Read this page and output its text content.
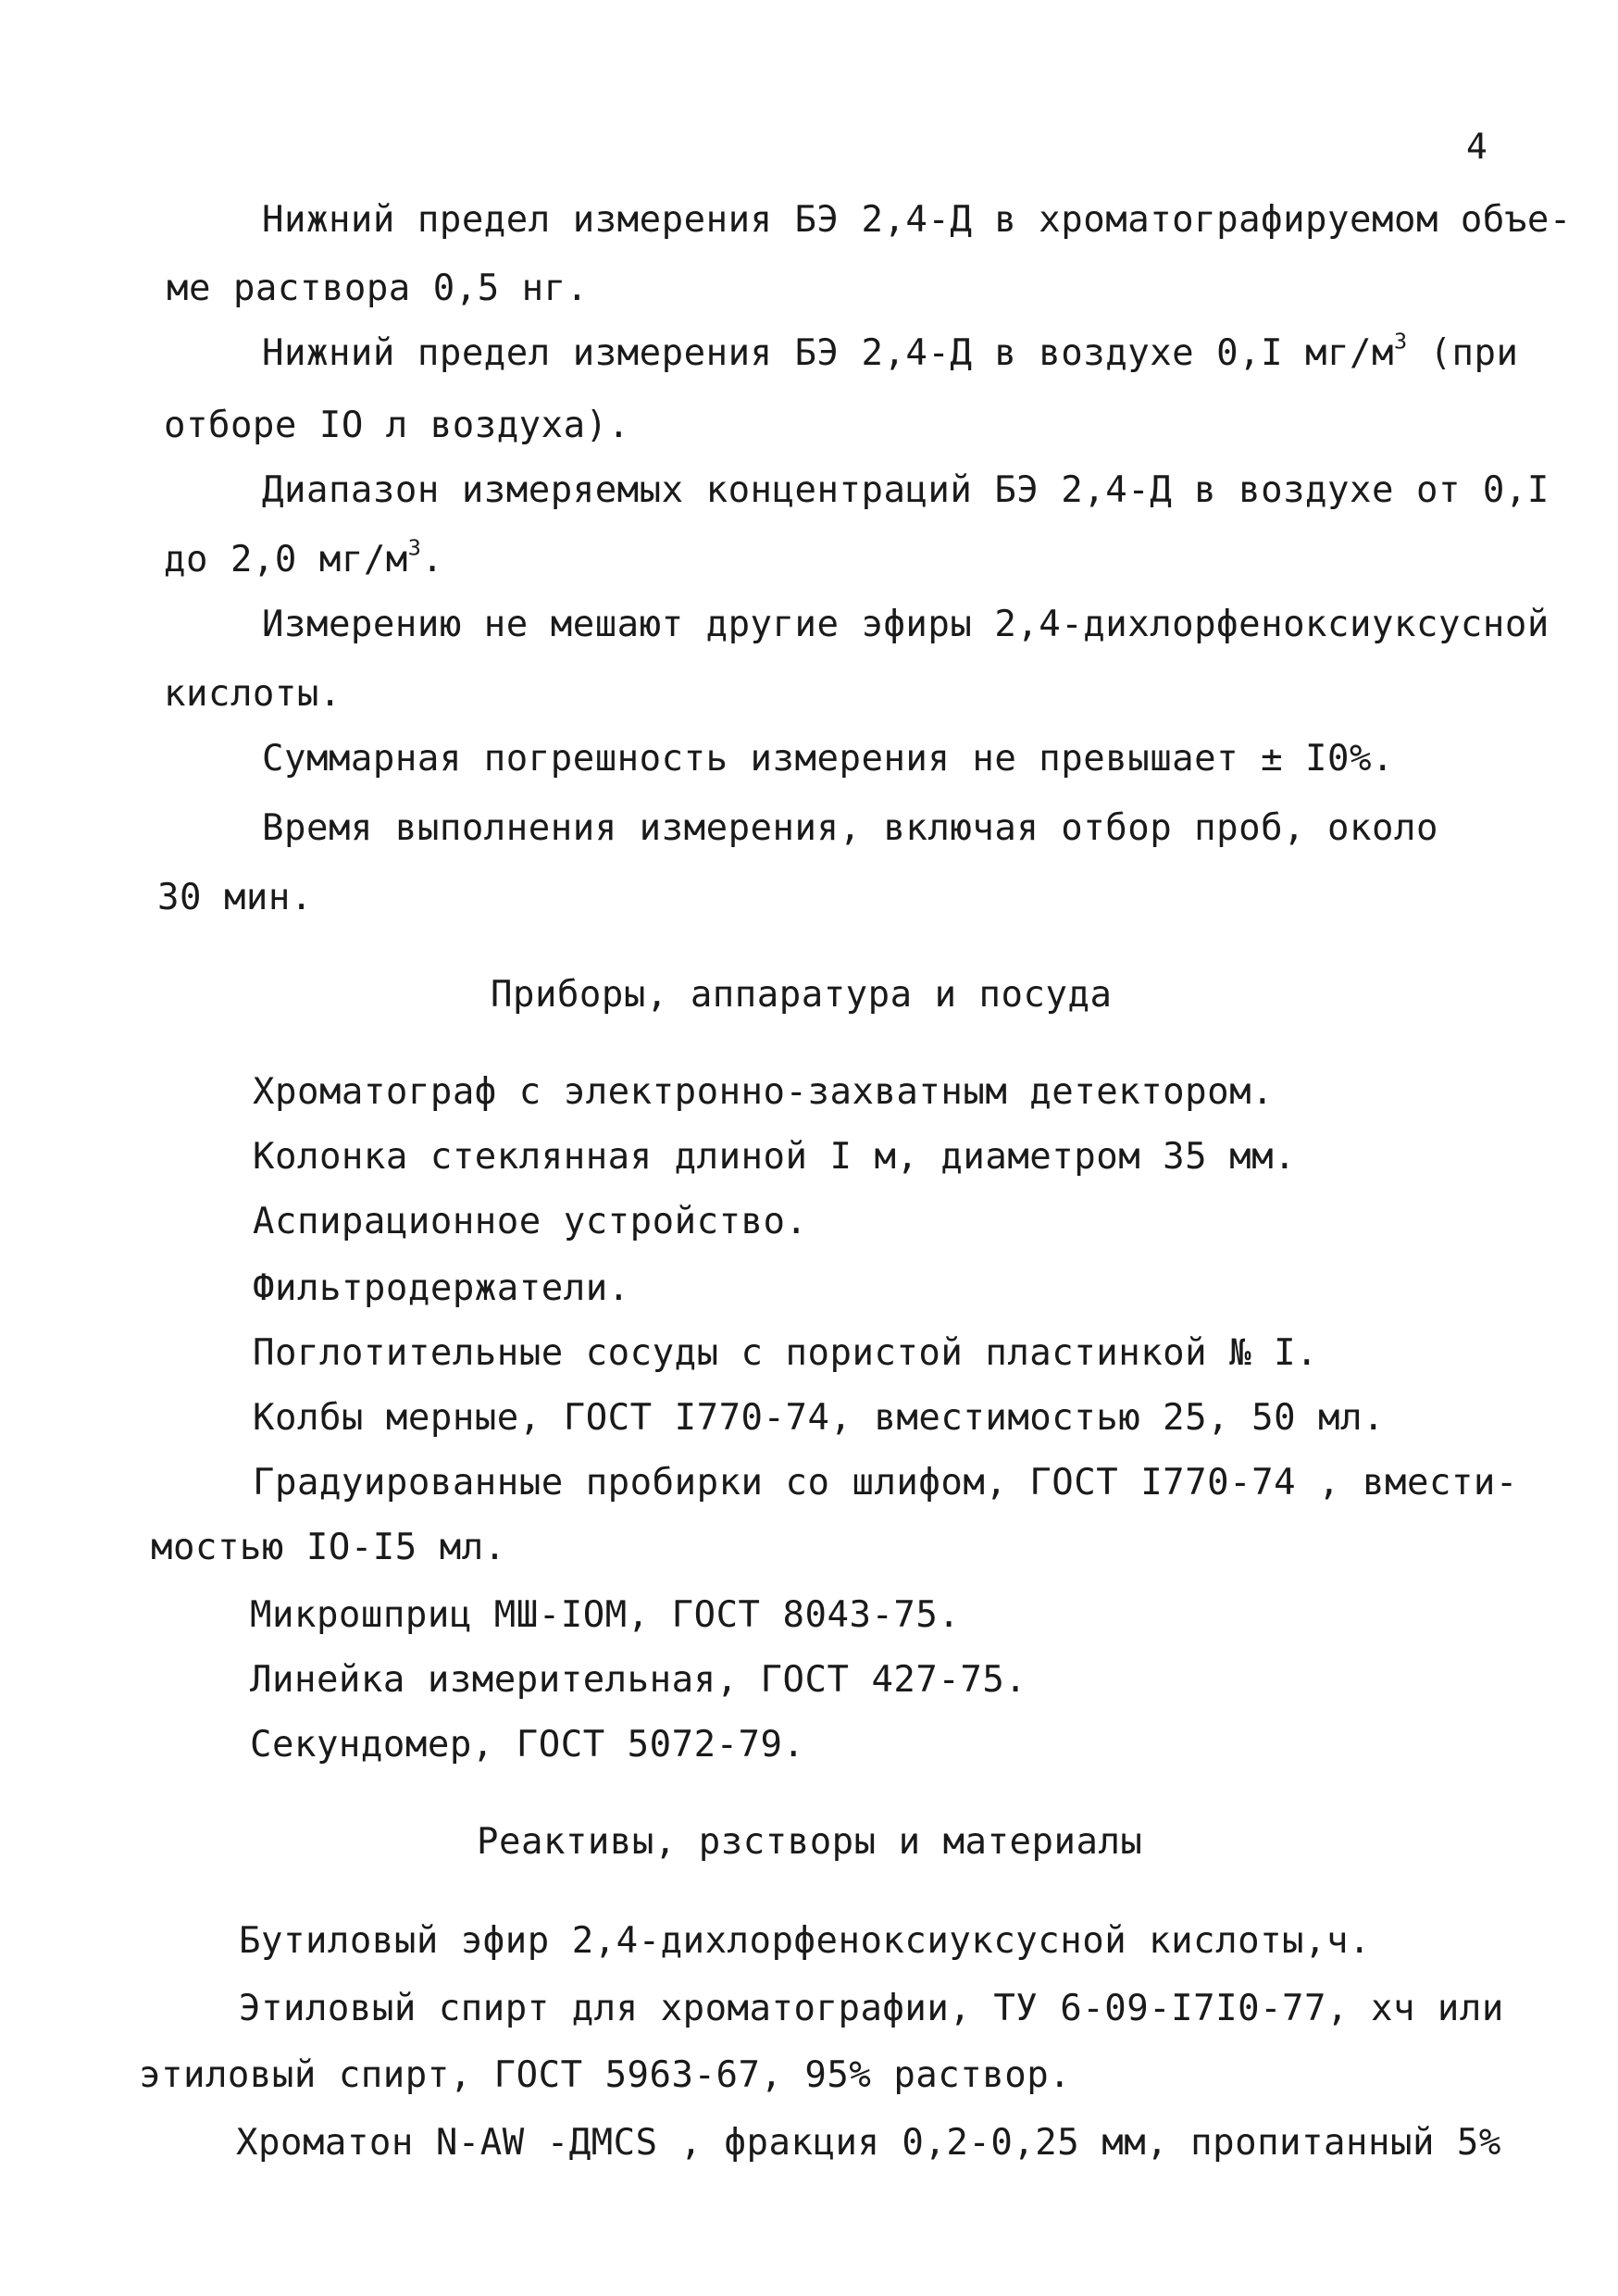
4
Нижний предел измерения БЭ 2,4-Д в хроматографируемом объе-
ме раствора 0,5 нг.
Нижний предел измерения БЭ 2,4-Д в воздухе 0,I $мг/м^3$ (при
отборе IO л воздуха).
Диапазон измеряемых концентраций БЭ 2,4-Д в воздухе от 0,I
до 2,0 $мг/м^3$.
Измерению не мешают другие эфиры 2,4-дихлорфеноксиуксусной
кислоты.
Суммарная погрешность измерения не превышает ± I0%.
Время выполнения измерения, включая отбор проб, около
30 мин.
Приборы, аппаратура и посуда
Хроматограф с электронно-захватным детектором.
Колонка стеклянная длиной I м, диаметром 35 мм.
Аспирационное устройство.
Фильтродержатели.
Поглотительные сосуды с пористой пластинкой № I.
Колбы мерные, ГОСТ I770-74, вместимостью 25, 50 мл.
Градуированные пробирки со шлифом, ГОСТ I770-74 , вмести-
мостью IO-I5 мл.
Микрошприц МШ-IOМ, ГОСТ 8043-75.
Линейка измерительная, ГОСТ 427-75.
Секундомер, ГОСТ 5072-79.
Реактивы, рзстворы и материалы
Бутиловый эфир 2,4-дихлорфеноксиуксусной кислоты,ч.
Этиловый спирт для хроматографии, ТУ 6-09-I7I0-77, хч или
этиловый спирт, ГОСТ 5963-67, 95% раствор.
Хроматон N-AW -ДМCS , фракция 0,2-0,25 мм, пропитанный 5%
